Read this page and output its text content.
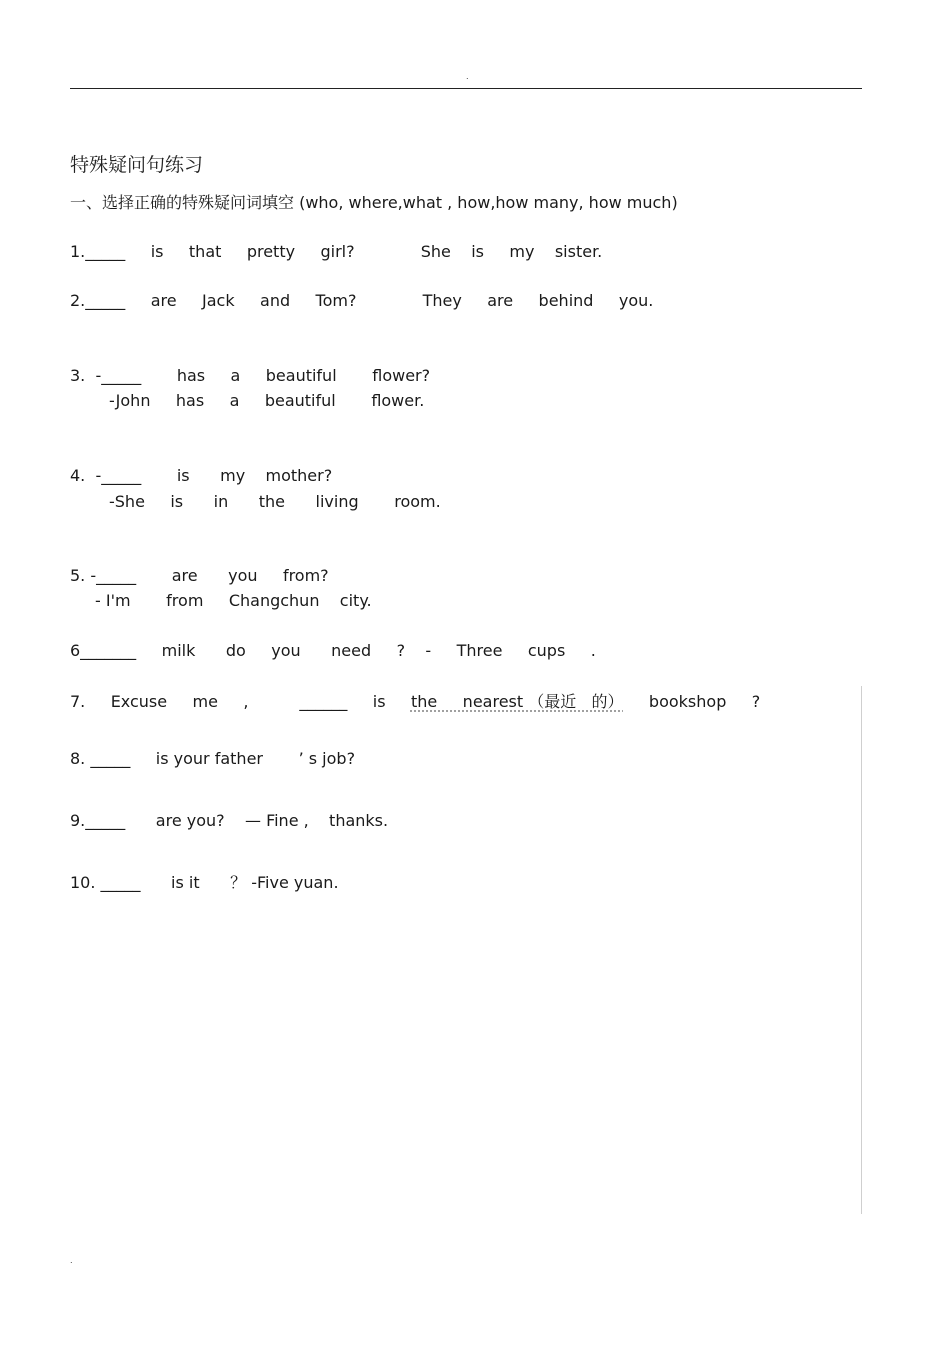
.
特殊疑问句练习
一、选择正确的特殊疑问词填空 (who, where,what , how,how many, how much)
1._____     is     that     pretty     girl?             She    is     my    sister.
2._____     are     Jack     and     Tom?             They     are     behind     you.
3.  -_____       has     a     beautiful       flower?
-John     has     a     beautiful       flower.
4.  -_____       is      my    mother?
-She     is      in      the      living       room.
5. -_____       are      you     from?
- I'm       from     Changchun    city.
6_______     milk      do     you      need     ?    -     Three     cups     .
7.     Excuse     me     ,          ______     is     the     nearest （最近   的）     bookshop     ?
8. _____     is your father       ’ s job?
9._____      are you?    — Fine ,    thanks.
10. _____      is it      ？ -Five yuan.
.
